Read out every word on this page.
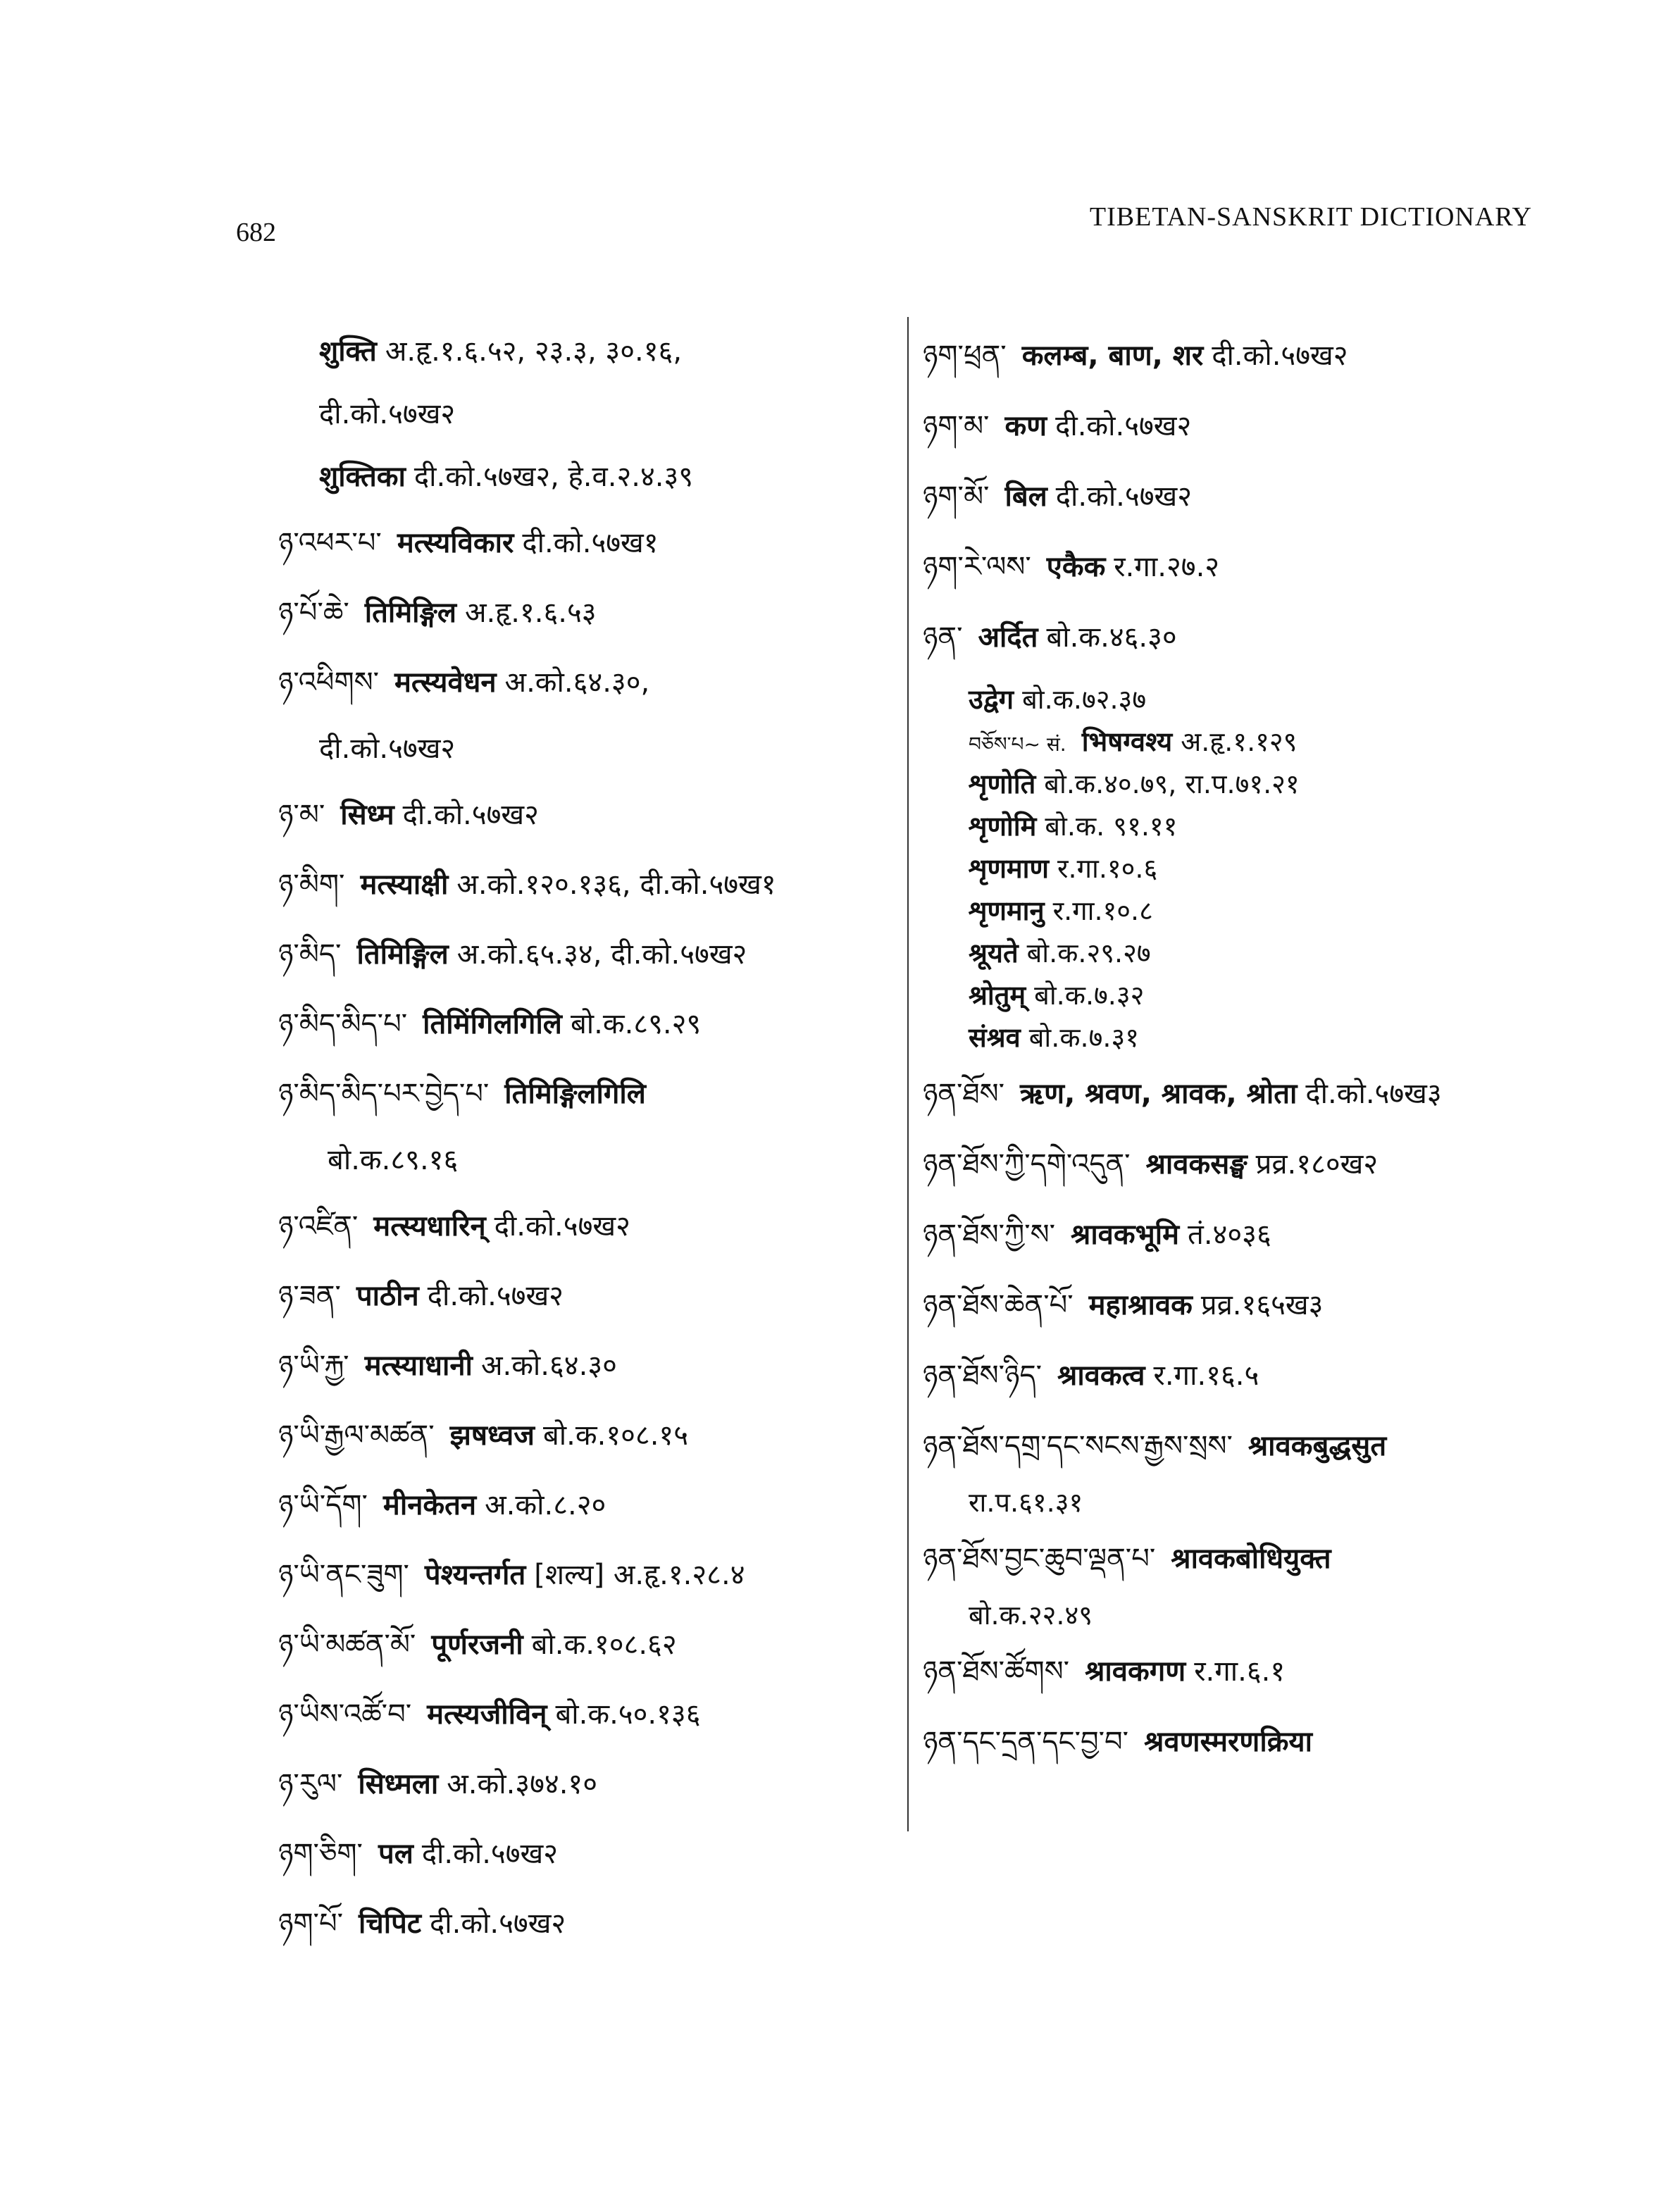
682
TIBETAN-SANSKRIT DICTIONARY
शुक्ति अ.हृ.१.६.५२, २३.३, ३०.१६,
दी.को.५७ख२
शुक्तिका दी.को.५७ख२, हे.व.२.४.३९
ཉ་འཕར་པ་ मत्स्यविकार दी.को.५७ख१
ཉ་པོ་ཆེ་ तिमिङ्गिल अ.हृ.१.६.५३
ཉ་འཕིགས་ मत्स्यवेधन अ.को.६४.३०,
दी.को.५७ख२
ཉ་མ་ सिध्म दी.को.५७ख२
ཉ་མིག་ मत्स्याक्षी अ.को.१२०.१३६, दी.को.५७ख१
ཉ་མིད་ तिमिङ्गिल अ.को.६५.३४, दी.को.५७ख२
ཉ་མིད་མིད་པ་ तिमिंगिलगिलि बो.क.८९.२९
ཉ་མིད་མིད་པར་བྱེད་པ་ तिमिङ्गिलगिलि
बो.क.८९.१६
ཉ་འཛིན་ मत्स्यधारिन् दी.को.५७ख२
ཉ་ཟན་ पाठीन दी.को.५७ख२
ཉ་ཡི་རྐྱ་ मत्स्याधानी अ.को.६४.३०
ཉ་ཡི་རྒྱལ་མཚན་ झषध्वज बो.क.१०८.१५
ཉ་ཡི་དོག་ मीनकेतन अ.को.८.२०
ཉ་ཡི་ནང་ཟུག་ पेश्यन्तर्गत [शल्य] अ.हृ.१.२८.४
ཉ་ཡི་མཚན་མོ་ पूर्णरजनी बो.क.१०८.६२
ཉ་ཡིས་འཚོ་བ་ मत्स्यजीविन् बो.क.५०.१३६
ཉ་རུལ་ सिध्मला अ.को.३७४.१०
ཉག་ཅིག་ पल दी.को.५७ख२
ཉག་པོ་ चिपिट दी.को.५७ख२
ཉག་ཕྲན་ कलम्ब, बाण, शर दी.को.५७ख२
ཉག་མ་ कण दी.को.५७ख२
ཉག་མོ་ बिल दी.को.५७ख२
ཉག་རེ་ལས་ एकैक र.गा.२७.२
ཉན་ अर्दित बो.क.४६.३०
उद्वेग बो.क.७२.३७
བཅོས་པ~ सं. भिषग्वश्य अ.हृ.१.१२९
शृणोति बो.क.४०.७९, रा.प.७१.२१
शृणोमि बो.क. ९१.११
शृणमाण र.गा.१०.६
शृणमानु र.गा.१०.८
श्रूयते बो.क.२९.२७
श्रोतुम् बो.क.७.३२
संश्रव बो.क.७.३१
ཉན་ཐོས་ ऋण, श्रवण, श्रावक, श्रोता दी.को.५७ख३
ཉན་ཐོས་ཀྱི་དགེ་འདུན་ श्रावकसङ्घ प्रव्र.१८०ख२
ཉན་ཐོས་ཀྱི་ས་ श्रावकभूमि तं.४०३६
ཉན་ཐོས་ཆེན་པོ་ महाश्रावक प्रव्र.१६५ख३
ཉན་ཐོས་ཉིད་ श्रावकत्व र.गा.१६.५
ཉན་ཐོས་དགྲ་དང་སངས་རྒྱས་སྲས་ श्रावकबुद्धसुत
रा.प.६१.३१
ཉན་ཐོས་བྱང་ཆུབ་ལྡན་པ་ श्रावकबोधियुक्त
बो.क.२२.४९
ཉན་ཐོས་ཚོགས་ श्रावकगण र.गा.६.१
ཉན་དང་དྲན་དང་བྱ་བ་ श्रवणस्मरणक्रिया
